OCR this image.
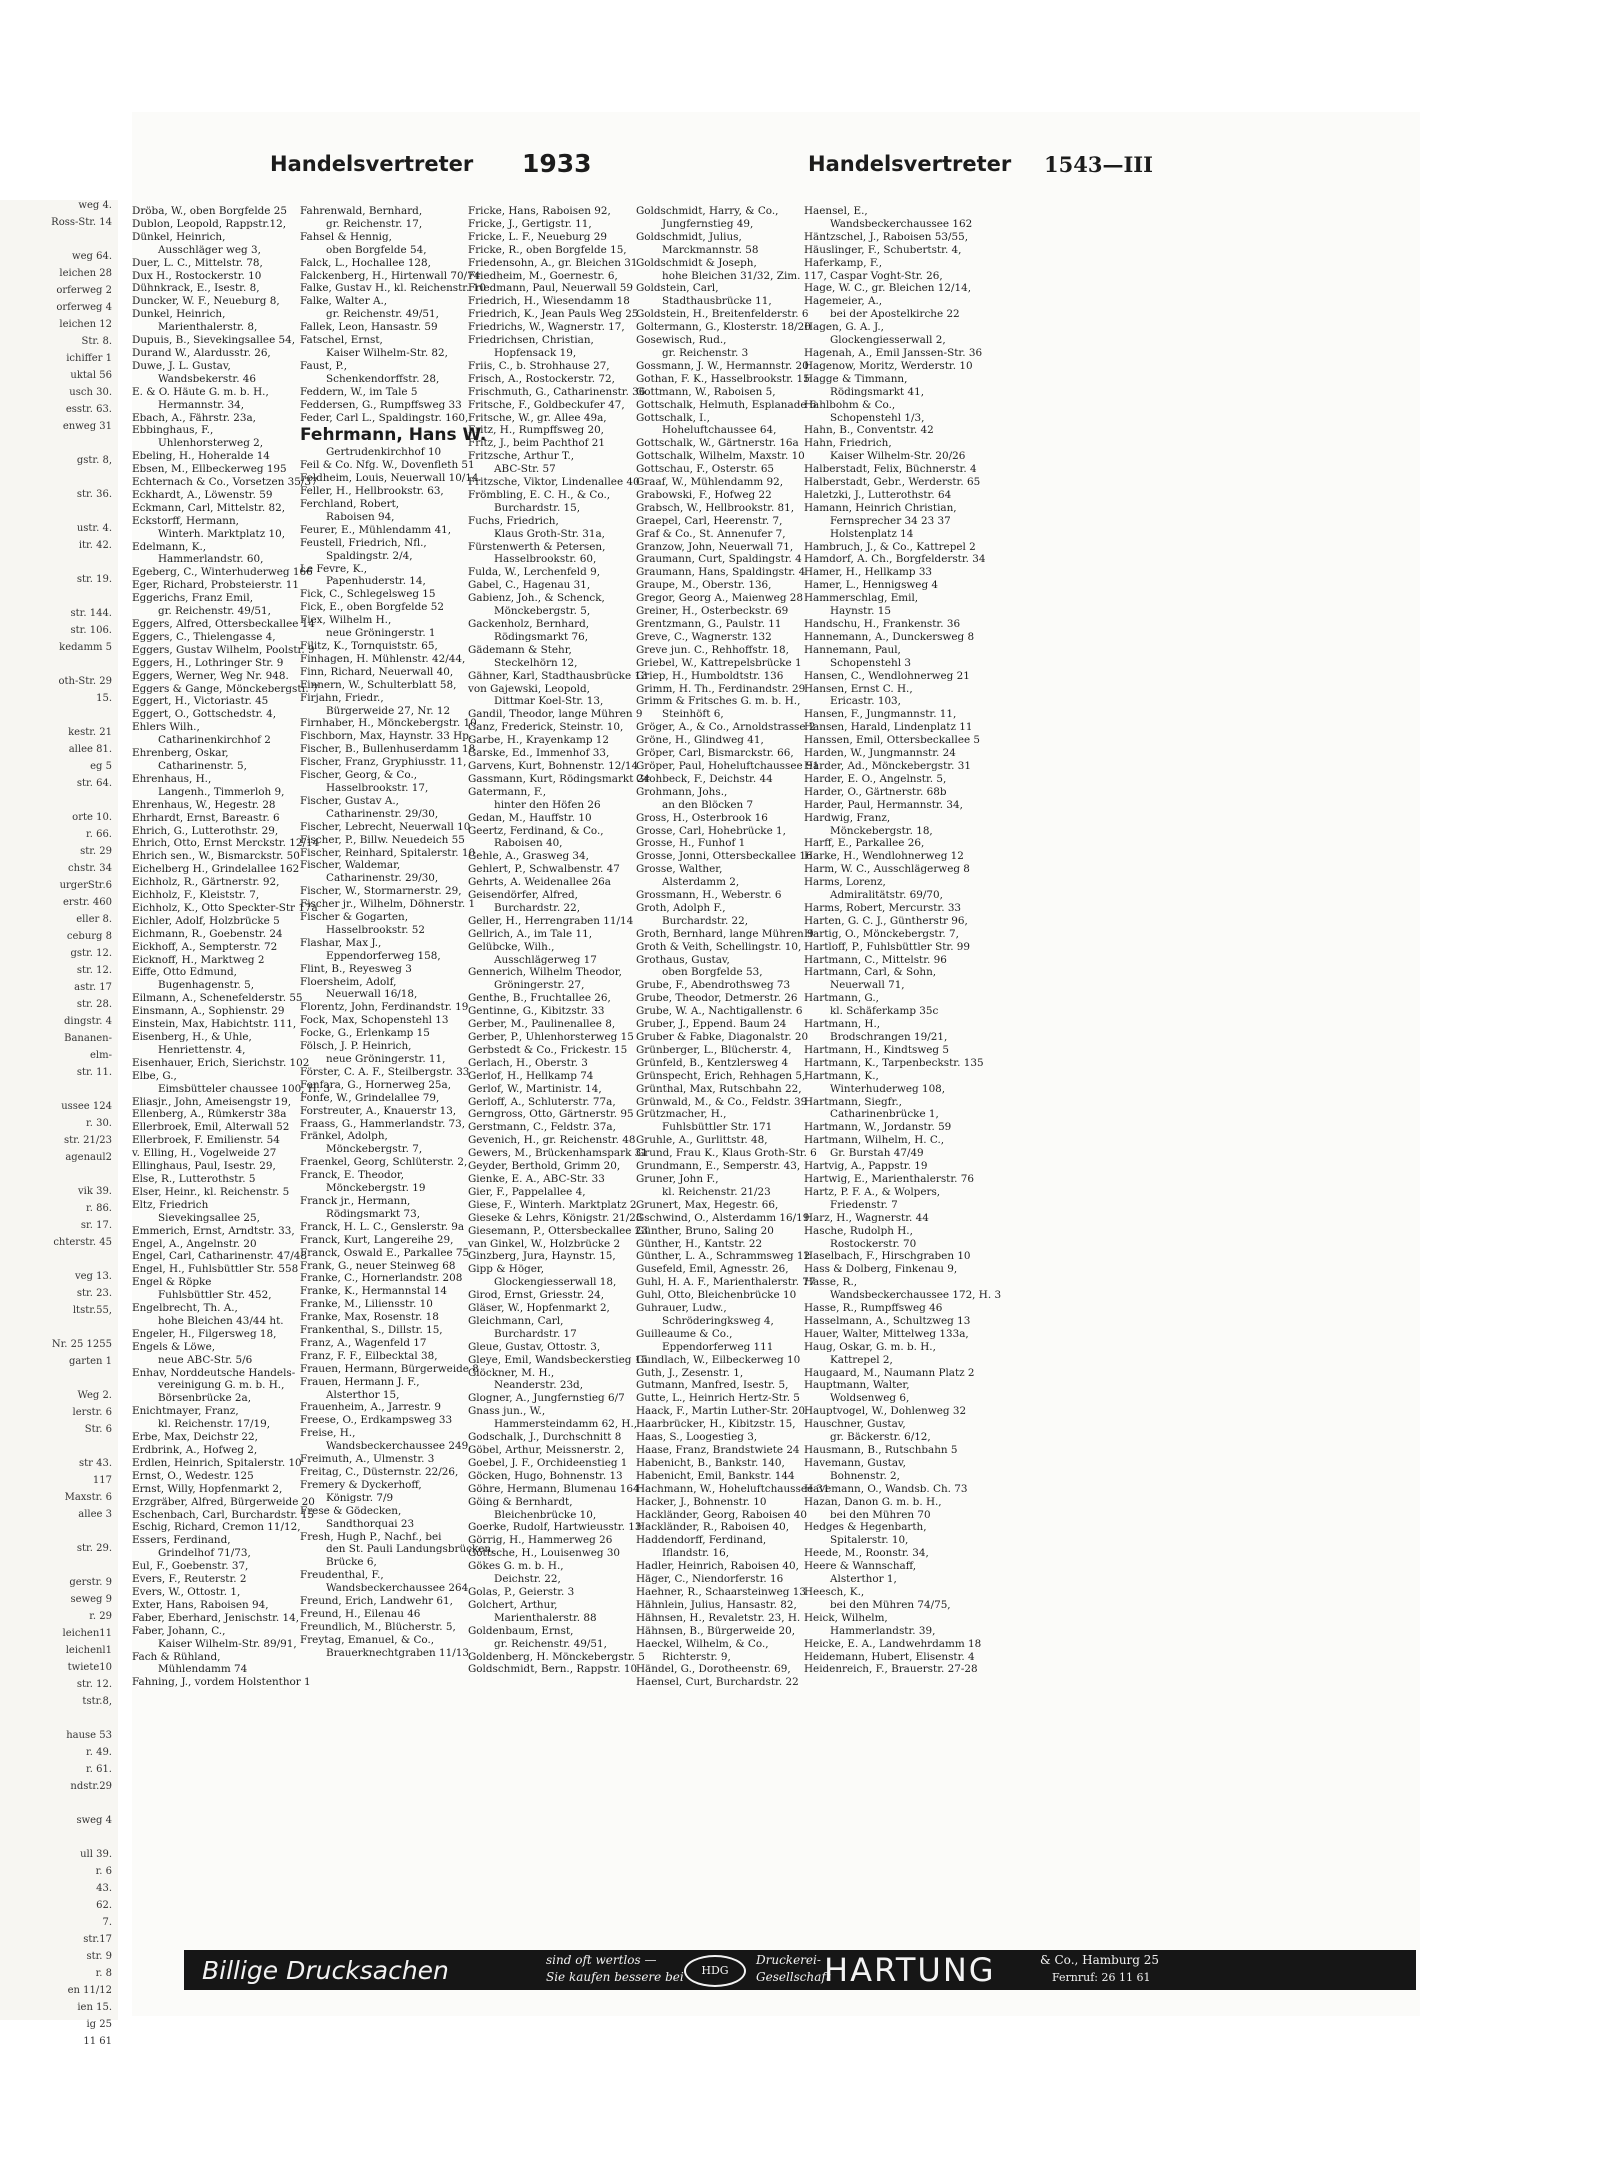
weg 4.
Ross-Str. 14
weg 64.
leichen 28
orferweg 2
orferweg 4
leichen 12
Str. 8.
ichiffer 1
uktal 56
usch 30.
esstr. 63.
enweg 31
gstr. 8,
str. 36.
ustr. 4.
itr. 42.
str. 19.
str. 144.
str. 106.
kedamm 5
oth-Str. 29
15.
kestr. 21
allee 81.
eg 5
str. 64.
orte 10.
r. 66.
str. 29
chstr. 34
urgerStr.6
erstr. 460
eller 8.
ceburg 8
gstr. 12.
str. 12.
astr. 17
str. 28.
dingstr. 4
Bananen-
elm-
str. 11.
ussee 124
r. 30.
str. 21/23
agenaul2
vik 39.
r. 86.
sr. 17.
chterstr. 45
veg 13.
str. 23.
ltstr.55,
Nr. 25 1255
garten 1
Weg 2.
lerstr. 6
Str. 6
str 43.
117
Maxstr. 6
allee 3
str. 29.
gerstr. 9
seweg 9
r. 29
leichen11
leichenl1
twiete10
str. 12.
tstr.8,
hause 53
r. 49.
r. 61.
ndstr.29
sweg 4
ull 39.
r. 6
43.
62.
7.
str.17
str. 9
r. 8
en 11/12
ien 15.
ig 25
11 61
Handelsvertreter 1933	Handelsvertreter 1543—III
Dröba, W., oben Borgfelde 25
Dublon, Leopold, Rappstr.12,
Dünkel, Heinrich,
Ausschläger weg 3,
Duer, L. C., Mittelstr. 78,
Dux H., Rostockerstr. 10
Dühnkrack, E., Isestr. 8,
Duncker, W. F., Neueburg 8,
Dunkel, Heinrich,
Marienthalerstr. 8,
Dupuis, B., Sievekingsallee 54,
Durand W., Alardusstr. 26,
Duwe, J. L. Gustav,
Wandsbekerstr. 46
E. & O. Häute G. m. b. H.,
Hermannstr. 34,
Ebach, A., Fährstr. 23a,
Ebbinghaus, F.,
Uhlenhorsterweg 2,
Ebeling, H., Hoheralde 14
Ebsen, M., Ellbeckerweg 195
Echternach & Co., Vorsetzen 35/37
Eckhardt, A., Löwenstr. 59
Eckmann, Carl, Mittelstr. 82,
Eckstorff, Hermann,
Winterh. Marktplatz 10,
Edelmann, K.,
Hammerlandstr. 60,
Egeberg, C., Winterhuderweg 166
Eger, Richard, Probsteierstr. 11
Eggerichs, Franz Emil,
gr. Reichenstr. 49/51,
Eggers, Alfred, Ottersbeckallee 14
Eggers, C., Thielengasse 4,
Eggers, Gustav Wilhelm, Poolstr. 9
Eggers, H., Lothringer Str. 9
Eggers, Werner, Weg Nr. 948.
Eggers & Gange, Mönckebergstr. 7
Eggert, H., Victoriastr. 45
Eggert, O., Gottschedstr. 4,
Ehlers Wilh.,
Catharinenkirchhof 2
Ehrenberg, Oskar,
Catharinenstr. 5,
Ehrenhaus, H.,
Langenh., Timmerloh 9,
Ehrenhaus, W., Hegestr. 28
Ehrhardt, Ernst, Bareastr. 6
Ehrich, G., Lutterothstr. 29,
Ehrich, Otto, Ernst Merckstr. 12/14
Ehrich sen., W., Bismarckstr. 50
Eichelberg H., Grindelallee 162
Eichholz, R., Gärtnerstr. 92,
Eichholz, F., Kleiststr. 7,
Eichholz, K., Otto Speckter-Str 17a
Eichler, Adolf, Holzbrücke 5
Eichmann, R., Goebenstr. 24
Eickhoff, A., Sempterstr. 72
Eicknoff, H., Marktweg 2
Eiffe, Otto Edmund,
Bugenhagenstr. 5,
Eilmann, A., Schenefelderstr. 55
Einsmann, A., Sophienstr. 29
Einstein, Max, Habichtstr. 111,
Eisenberg, H., & Uhle,
Henriettenstr. 4,
Eisenhauer, Erich, Sierichstr. 102
Elbe, G.,
Eimsbütteler chaussee 100, H. 3
Eliasjr., John, Ameisengstr 19,
Ellenberg, A., Rümkerstr 38a
Ellerbroek, Emil, Alterwall 52
Ellerbroek, F. Emilienstr. 54
v. Elling, H., Vogelweide 27
Ellinghaus, Paul, Isestr. 29,
Else, R., Lutterothstr. 5
Elser, Heinr., kl. Reichenstr. 5
Eltz, Friedrich
Sievekingsallee 25,
Emmerich, Ernst, Arndtstr. 33,
Engel, A., Angelnstr. 20
Engel, Carl, Catharinenstr. 47/48
Engel, H., Fuhlsbüttler Str. 558
Engel & Röpke
Fuhlsbüttler Str. 452,
Engelbrecht, Th. A.,
hohe Bleichen 43/44 ht.
Engeler, H., Filgersweg 18,
Engels & Löwe,
neue ABC-Str. 5/6
Enhav, Norddeutsche Handels-
vereinigung G. m. b. H.,
Börsenbrücke 2a,
Enichtmayer, Franz,
kl. Reichenstr. 17/19,
Erbe, Max, Deichstr 22,
Erdbrink, A., Hofweg 2,
Erdlen, Heinrich, Spitalerstr. 10
Ernst, O., Wedestr. 125
Ernst, Willy, Hopfenmarkt 2,
Erzgräber, Alfred, Bürgerweide 20
Eschenbach, Carl, Burchardstr. 15
Eschig, Richard, Cremon 11/12,
Essers, Ferdinand,
Grindelhof 71/73,
Eul, F., Goebenstr. 37,
Evers, F., Reuterstr. 2
Evers, W., Ottostr. 1,
Exter, Hans, Raboisen 94,
Faber, Eberhard, Jenischstr. 14,
Faber, Johann, C.,
Kaiser Wilhelm-Str. 89/91,
Fach & Rühland,
Mühlendamm 74
Fahning, J., vordem Holstenthor 1
Fahrenwald, Bernhard,
gr. Reichenstr. 17,
Fahsel & Hennig,
oben Borgfelde 54,
Falck, L., Hochallee 128,
Falckenberg, H., Hirtenwall 70/74
Falke, Gustav H., kl. Reichenstr. 10
Falke, Walter A.,
gr. Reichenstr. 49/51,
Fallek, Leon, Hansastr. 59
Fatschel, Ernst,
Kaiser Wilhelm-Str. 82,
Faust, P.,
Schenkendorffstr. 28,
Feddern, W., im Tale 5
Feddersen, G., Rumpffsweg 33
Feder, Carl L., Spaldingstr. 160,
Fehrmann, Hans W.
Gertrudenkirchhof 10
Feil & Co. Nfg. W., Dovenfleth 51
Feldheim, Louis, Neuerwall 10/14
Feller, H., Hellbrookstr. 63,
Ferchland, Robert,
Raboisen 94,
Feurer, E., Mühlendamm 41,
Feustell, Friedrich, Nfl.,
Spaldingstr. 2/4,
Le Fevre, K.,
Papenhuderstr. 14,
Fick, C., Schlegelsweg 15
Fick, E., oben Borgfelde 52
Fiex, Wilhelm H.,
neue Gröningerstr. 1
Filitz, K., Tornquiststr. 65,
Finhagen, H. Mühlenstr. 42/44,
Finn, Richard, Neuerwall 40,
Finnern, W., Schulterblatt 58,
Firjahn, Friedr.,
Bürgerweide 27, Nr. 12
Firnhaber, H., Mönckebergstr. 10
Fischborn, Max, Haynstr. 33 Hp.
Fischer, B., Bullenhuserdamm 18
Fischer, Franz, Gryphiusstr. 11,
Fischer, Georg, & Co.,
Hasselbrookstr. 17,
Fischer, Gustav A.,
Catharinenstr. 29/30,
Fischer, Lebrecht, Neuerwall 10
Fischer, P., Billw. Neuedeich 55
Fischer, Reinhard, Spitalerstr. 10
Fischer, Waldemar,
Catharinenstr. 29/30,
Fischer, W., Stormarnerstr. 29,
Fischer jr., Wilhelm, Döhnerstr. 1
Fischer & Gogarten,
Hasselbrookstr. 52
Flashar, Max J.,
Eppendorferweg 158,
Flint, B., Reyesweg 3
Floersheim, Adolf,
Neuerwall 16/18,
Florentz, John, Ferdinandstr. 19
Fock, Max, Schopenstehl 13
Focke, G., Erlenkamp 15
Fölsch, J. P. Heinrich,
neue Gröningerstr. 11,
Förster, C. A. F., Steilbergstr. 33
Fonfara, G., Hornerweg 25a,
Fonfe, W., Grindelallee 79,
Forstreuter, A., Knauerstr 13,
Fraass, G., Hammerlandstr. 73,
Fränkel, Adolph,
Mönckebergstr. 7,
Fraenkel, Georg, Schlüterstr. 2,
Franck, E. Theodor,
Mönckebergstr. 19
Franck jr., Hermann,
Rödingsmarkt 73,
Franck, H. L. C., Genslerstr. 9a
Franck, Kurt, Langereihe 29,
Franck, Oswald E., Parkallee 75
Frank, G., neuer Steinweg 68
Franke, C., Hornerlandstr. 208
Franke, K., Hermannstal 14
Franke, M., Liliensstr. 10
Franke, Max, Rosenstr. 18
Frankenthal, S., Dillstr. 15,
Franz, A., Wagenfeld 17
Franz, F. F., Eilbecktal 38,
Frauen, Hermann, Bürgerweide 8
Frauen, Hermann J. F.,
Alsterthor 15,
Frauenheim, A., Jarrestr. 9
Freese, O., Erdkampsweg 33
Freise, H.,
Wandsbeckerchaussee 249,
Freimuth, A., Ulmenstr. 3
Freitag, C., Düsternstr. 22/26,
Fremery & Dyckerhoff,
Königstr. 7/9
Frese & Gödecken,
Sandthorquai 23
Fresh, Hugh P., Nachf., bei
den St. Pauli Landungsbrücken,
Brücke 6,
Freudenthal, F.,
Wandsbeckerchaussee 264
Freund, Erich, Landwehr 61,
Freund, H., Eilenau 46
Freundlich, M., Blücherstr. 5,
Freytag, Emanuel, & Co.,
Brauerknechtgraben 11/13
Fricke, Hans, Raboisen 92,
Fricke, J., Gertigstr. 11,
Fricke, L. F., Neueburg 29
Fricke, R., oben Borgfelde 15,
Friedensohn, A., gr. Bleichen 31
Friedheim, M., Goernestr. 6,
Friedmann, Paul, Neuerwall 59
Friedrich, H., Wiesendamm 18
Friedrich, K., Jean Pauls Weg 25
Friedrichs, W., Wagnerstr. 17,
Friedrichsen, Christian,
Hopfensack 19,
Friis, C., b. Strohhause 27,
Frisch, A., Rostockerstr. 72,
Frischmuth, G., Catharinenstr. 36
Fritsche, F., Goldbeckufer 47,
Fritsche, W., gr. Allee 49a,
Fritz, H., Rumpffsweg 20,
Fritz, J., beim Pachthof 21
Fritzsche, Arthur T.,
ABC-Str. 57
Fritzsche, Viktor, Lindenallee 40
Frömbling, E. C. H., & Co.,
Burchardstr. 15,
Fuchs, Friedrich,
Klaus Groth-Str. 31a,
Fürstenwerth & Petersen,
Hasselbrookstr. 60,
Fulda, W., Lerchenfeld 9,
Gabel, C., Hagenau 31,
Gabienz, Joh., & Schenck,
Mönckebergstr. 5,
Gackenholz, Bernhard,
Rödingsmarkt 76,
Gädemann & Stehr,
Steckelhörn 12,
Gähner, Karl, Stadthausbrücke 13
von Gajewski, Leopold,
Dittmar Koel-Str. 13,
Gandil, Theodor, lange Mühren 9
Ganz, Frederick, Steinstr. 10,
Garbe, H., Krayenkamp 12
Garske, Ed., Immenhof 33,
Garvens, Kurt, Bohnenstr. 12/14
Gassmann, Kurt, Rödingsmarkt 24
Gatermann, F.,
hinter den Höfen 26
Gedan, M., Hauffstr. 10
Geertz, Ferdinand, & Co.,
Raboisen 40,
Gehle, A., Grasweg 34,
Gehlert, P., Schwalbenstr. 47
Gehrts, A. Weidenallee 26a
Geisendörfer, Alfred,
Burchardstr. 22,
Geller, H., Herrengraben 11/14
Gellrich, A., im Tale 11,
Gelübcke, Wilh.,
Ausschlägerweg 17
Gennerich, Wilhelm Theodor,
Gröningerstr. 27,
Genthe, B., Fruchtallee 26,
Gentinne, G., Kibitzstr. 33
Gerber, M., Paulinenallee 8,
Gerber, P., Uhlenhorsterweg 15
Gerbstedt & Co., Frickestr. 15
Gerlach, H., Oberstr. 3
Gerlof, H., Hellkamp 74
Gerlof, W., Martinistr. 14,
Gerloff, A., Schluterstr. 77a,
Gerngross, Otto, Gärtnerstr. 95
Gerstmann, C., Feldstr. 37a,
Gevenich, H., gr. Reichenstr. 48
Gewers, M., Brückenhamspark 31
Geyder, Berthold, Grimm 20,
Gienke, E. A., ABC-Str. 33
Gier, F., Pappelallee 4,
Giese, F., Winterh. Marktplatz 2
Gieseke & Lehrs, Königstr. 21/23
Giesemann, P., Ottersbeckallee 23
van Ginkel, W., Holzbrücke 2
Ginzberg, Jura, Haynstr. 15,
Gipp & Höger,
Glockengiesserwall 18,
Girod, Ernst, Griesstr. 24,
Gläser, W., Hopfenmarkt 2,
Gleichmann, Carl,
Burchardstr. 17
Gleue, Gustav, Ottostr. 3,
Gleye, Emil, Wandsbeckerstieg 15
Glöckner, M. H.,
Neanderstr. 23d,
Glogner, A., Jungfernstieg 6/7
Gnass jun., W.,
Hammersteindamm 62, H.,
Godschalk, J., Durchschnitt 8
Göbel, Arthur, Meissnerstr. 2,
Goebel, J. F., Orchideenstieg 1
Göcken, Hugo, Bohnenstr. 13
Göhre, Hermann, Blumenau 164
Göing & Bernhardt,
Bleichenbrücke 10,
Goerke, Rudolf, Hartwieusstr. 13
Görrig, H., Hammerweg 26
Göttsche, H., Louisenweg 30
Gökes G. m. b. H.,
Deichstr. 22,
Golas, P., Geierstr. 3
Golchert, Arthur,
Marienthalerstr. 88
Goldenbaum, Ernst,
gr. Reichenstr. 49/51,
Goldenberg, H. Mönckebergstr. 5
Goldschmidt, Bern., Rappstr. 10
Goldschmidt, Harry, & Co.,
Jungfernstieg 49,
Goldschmidt, Julius,
Marckmannstr. 58
Goldschmidt & Joseph,
hohe Bleichen 31/32, Zim. 117,
Goldstein, Carl,
Stadthausbrücke 11,
Goldstein, H., Breitenfelderstr. 6
Goltermann, G., Klosterstr. 18/20
Gosewisch, Rud.,
gr. Reichenstr. 3
Gossmann, J. W., Hermannstr. 20
Gothan, F. K., Hasselbrookstr. 15
Gottmann, W., Raboisen 5,
Gottschalk, Helmuth, Esplanade 6
Gottschalk, I.,
Hoheluftchaussee 64,
Gottschalk, W., Gärtnerstr. 16a
Gottschalk, Wilhelm, Maxstr. 10
Gottschau, F., Osterstr. 65
Graaf, W., Mühlendamm 92,
Grabowski, F., Hofweg 22
Grabsch, W., Hellbrookstr. 81,
Graepel, Carl, Heerenstr. 7,
Graf & Co., St. Annenufer 7,
Granzow, John, Neuerwall 71,
Graumann, Curt, Spaldingstr. 4
Graumann, Hans, Spaldingstr. 4
Graupe, M., Oberstr. 136,
Gregor, Georg A., Maienweg 28
Greiner, H., Osterbeckstr. 69
Grentzmann, G., Paulstr. 11
Greve, C., Wagnerstr. 132
Greve jun. C., Rehhoffstr. 18,
Griebel, W., Kattrepelsbrücke 1
Griep, H., Humboldtstr. 136
Grimm, H. Th., Ferdinandstr. 29
Grimm & Fritsches G. m. b. H.,
Steinhöft 6,
Gröger, A., & Co., Arnoldstrasse 2
Gröne, H., Glindweg 41,
Gröper, Carl, Bismarckstr. 66,
Gröper, Paul, Hoheluftchaussee 91
Grohbeck, F., Deichstr. 44
Grohmann, Johs.,
an den Blöcken 7
Gross, H., Osterbrook 16
Grosse, Carl, Hohebrücke 1,
Grosse, H., Funhof 1
Grosse, Jonni, Ottersbeckallee 16
Grosse, Walther,
Alsterdamm 2,
Grossmann, H., Weberstr. 6
Groth, Adolph F.,
Burchardstr. 22,
Groth, Bernhard, lange Mühren 9
Groth & Veith, Schellingstr. 10,
Grothaus, Gustav,
oben Borgfelde 53,
Grube, F., Abendrothsweg 73
Grube, Theodor, Detmerstr. 26
Grube, W. A., Nachtigallenstr. 6
Gruber, J., Eppend. Baum 24
Gruber & Fabke, Diagonalstr. 20
Grünberger, L., Blücherstr. 4,
Grünfeld, B., Kentzlersweg 4
Grünspecht, Erich, Rehhagen 5,
Grünthal, Max, Rutschbahn 22,
Grünwald, M., & Co., Feldstr. 39
Grützmacher, H.,
Fuhlsbüttler Str. 171
Gruhle, A., Gurlittstr. 48,
Grund, Frau K., Klaus Groth-Str. 6
Grundmann, E., Semperstr. 43,
Gruner, John F.,
kl. Reichenstr. 21/23
Grunert, Max, Hegestr. 66,
Gschwind, O., Alsterdamm 16/19
Günther, Bruno, Saling 20
Günther, H., Kantstr. 22
Günther, L. A., Schrammsweg 12
Gusefeld, Emil, Agnesstr. 26,
Guhl, H. A. F., Marienthalerstr. 77
Guhl, Otto, Bleichenbrücke 10
Guhrauer, Ludw.,
Schröderingksweg 4,
Guilleaume & Co.,
Eppendorferweg 111
Gundlach, W., Eilbeckerweg 10
Guth, J., Zesenstr. 1,
Gutmann, Manfred, Isestr. 5,
Gutte, L., Heinrich Hertz-Str. 5
Haack, F., Martin Luther-Str. 20
Haarbrücker, H., Kibitzstr. 15,
Haas, S., Loogestieg 3,
Haase, Franz, Brandstwiete 24
Habenicht, B., Bankstr. 140,
Habenicht, Emil, Bankstr. 144
Hachmann, W., Hoheluftchaussee 31
Hacker, J., Bohnenstr. 10
Hackländer, Georg, Raboisen 40
Hackländer, R., Raboisen 40,
Haddendorff, Ferdinand,
Iflandstr. 16,
Hadler, Heinrich, Raboisen 40,
Häger, C., Niendorferstr. 16
Haehner, R., Schaarsteinweg 13
Hähnlein, Julius, Hansastr. 82,
Hähnsen, H., Revaletstr. 23, H.
Hähnsen, B., Bürgerweide 20,
Haeckel, Wilhelm, & Co.,
Richterstr. 9,
Händel, G., Dorotheenstr. 69,
Haensel, Curt, Burchardstr. 22
Haensel, E.,
Wandsbeckerchaussee 162
Häntzschel, J., Raboisen 53/55,
Häuslinger, F., Schubertstr. 4,
Haferkamp, F.,
Caspar Voght-Str. 26,
Hage, W. C., gr. Bleichen 12/14,
Hagemeier, A.,
bei der Apostelkirche 22
Hagen, G. A. J.,
Glockengiesserwall 2,
Hagenah, A., Emil Janssen-Str. 36
Hagenow, Moritz, Werderstr. 10
Hagge & Timmann,
Rödingsmarkt 41,
Hahlbohm & Co.,
Schopenstehl 1/3,
Hahn, B., Conventstr. 42
Hahn, Friedrich,
Kaiser Wilhelm-Str. 20/26
Halberstadt, Felix, Büchnerstr. 4
Halberstadt, Gebr., Werderstr. 65
Haletzki, J., Lutterothstr. 64
Hamann, Heinrich Christian,
Fernsprecher 34 23 37
Holstenplatz 14
Hambruch, J., & Co., Kattrepel 2
Hamdorf, A. Ch., Borgfelderstr. 34
Hamer, H., Hellkamp 33
Hamer, L., Hennigsweg 4
Hammerschlag, Emil,
Haynstr. 15
Handschu, H., Frankenstr. 36
Hannemann, A., Dunckersweg 8
Hannemann, Paul,
Schopenstehl 3
Hansen, C., Wendlohnerweg 21
Hansen, Ernst C. H.,
Ericastr. 103,
Hansen, F., Jungmannstr. 11,
Hansen, Harald, Lindenplatz 11
Hanssen, Emil, Ottersbeckallee 5
Harden, W., Jungmannstr. 24
Harder, Ad., Mönckebergstr. 31
Harder, E. O., Angelnstr. 5,
Harder, O., Gärtnerstr. 68b
Harder, Paul, Hermannstr. 34,
Hardwig, Franz,
Mönckebergstr. 18,
Harff, E., Parkallee 26,
Harke, H., Wendlohnerweg 12
Harm, W. C., Ausschlägerweg 8
Harms, Lorenz,
Admiralitätstr. 69/70,
Harms, Robert, Mercurstr. 33
Harten, G. C. J., Güntherstr 96,
Hartig, O., Mönckebergstr. 7,
Hartloff, P., Fuhlsbüttler Str. 99
Hartmann, C., Mittelstr. 96
Hartmann, Carl, & Sohn,
Neuerwall 71,
Hartmann, G.,
kl. Schäferkamp 35c
Hartmann, H.,
Brodschrangen 19/21,
Hartmann, H., Kindtsweg 5
Hartmann, K., Tarpenbeckstr. 135
Hartmann, K.,
Winterhuderweg 108,
Hartmann, Siegfr.,
Catharinenbrücke 1,
Hartmann, W., Jordanstr. 59
Hartmann, Wilhelm, H. C.,
Gr. Burstah 47/49
Hartvig, A., Pappstr. 19
Hartwig, E., Marienthalerstr. 76
Hartz, P. F. A., & Wolpers,
Friedenstr. 7
Harz, H., Wagnerstr. 44
Hasche, Rudolph H.,
Rostockerstr. 70
Haselbach, F., Hirschgraben 10
Hass & Dolberg, Finkenau 9,
Hasse, R.,
Wandsbeckerchaussee 172, H. 3
Hasse, R., Rumpffsweg 46
Hasselmann, A., Schultzweg 13
Hauer, Walter, Mittelweg 133a,
Haug, Oskar, G. m. b. H.,
Kattrepel 2,
Haugaard, M., Naumann Platz 2
Hauptmann, Walter,
Woldsenweg 6,
Hauptvogel, W., Dohlenweg 32
Hauschner, Gustav,
gr. Bäckerstr. 6/12,
Hausmann, B., Rutschbahn 5
Havemann, Gustav,
Bohnenstr. 2,
Havemann, O., Wandsb. Ch. 73
Hazan, Danon G. m. b. H.,
bei den Mühren 70
Hedges & Hegenbarth,
Spitalerstr. 10,
Heede, M., Roonstr. 34,
Heere & Wannschaff,
Alsterthor 1,
Heesch, K.,
bei den Mühren 74/75,
Heick, Wilhelm,
Hammerlandstr. 39,
Heicke, E. A., Landwehrdamm 18
Heidemann, Hubert, Elisenstr. 4
Heidenreich, F., Brauerstr. 27-28
Billige Drucksachen	sind oft wertlos —
Sie kaufen bessere bei	HDG
Druckerei-
Gesellschaft
HARTUNG	& Co., Hamburg 25
Fernruf: 26 11 61
